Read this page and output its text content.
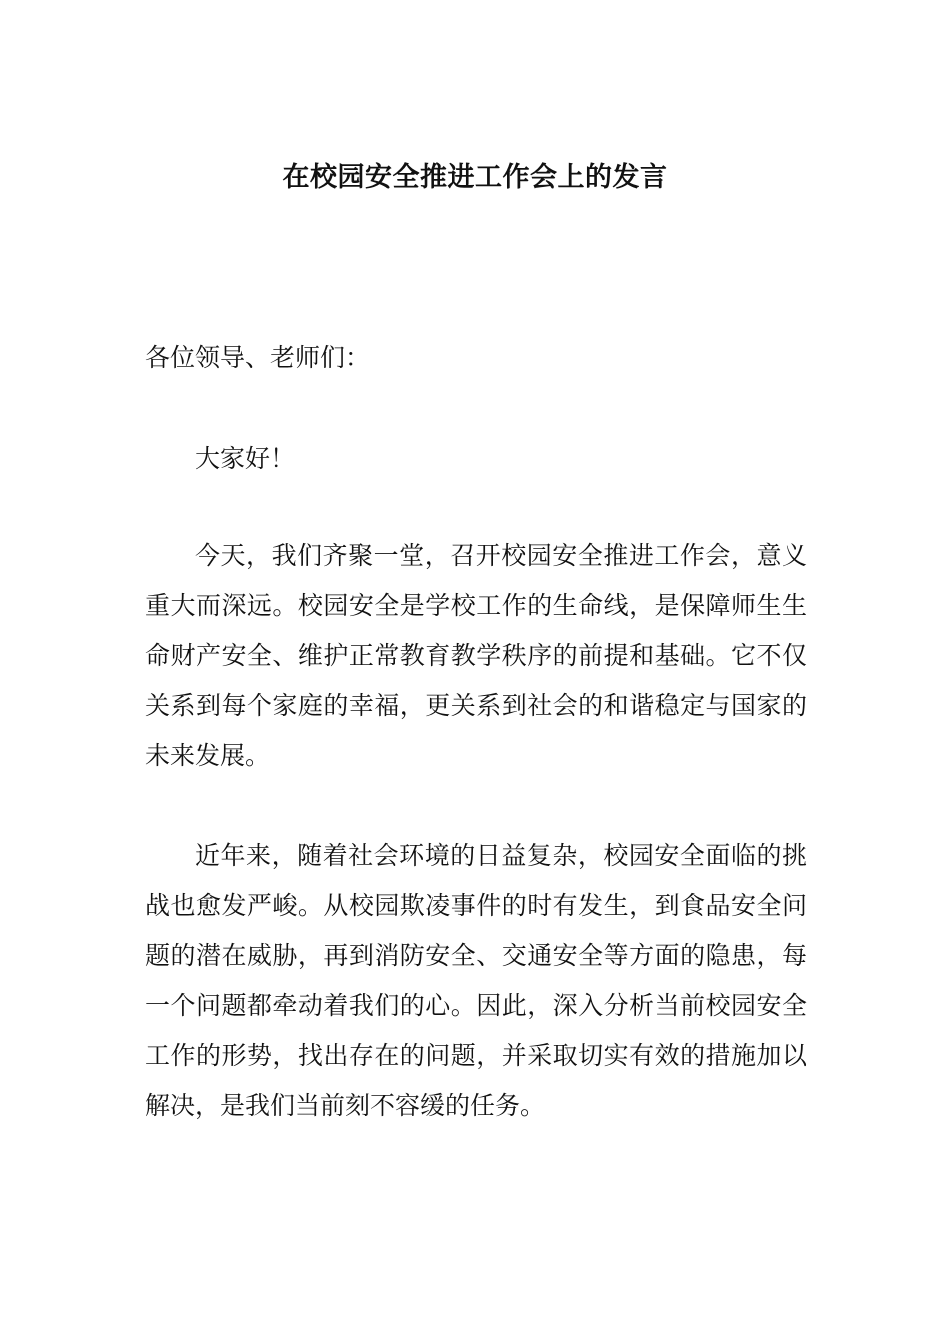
在校园安全推进工作会上的发言

各位领导、老师们：

大家好！

今天，我们齐聚一堂，召开校园安全推进工作会，意义重大而深远。校园安全是学校工作的生命线，是保障师生生命财产安全、维护正常教育教学秩序的前提和基础。它不仅关系到每个家庭的幸福，更关系到社会的和谐稳定与国家的未来发展。

近年来，随着社会环境的日益复杂，校园安全面临的挑战也愈发严峻。从校园欺凌事件的时有发生，到食品安全问题的潜在威胁，再到消防安全、交通安全等方面的隐患，每一个问题都牵动着我们的心。因此，深入分析当前校园安全工作的形势，找出存在的问题，并采取切实有效的措施加以解决，是我们当前刻不容缓的任务。
